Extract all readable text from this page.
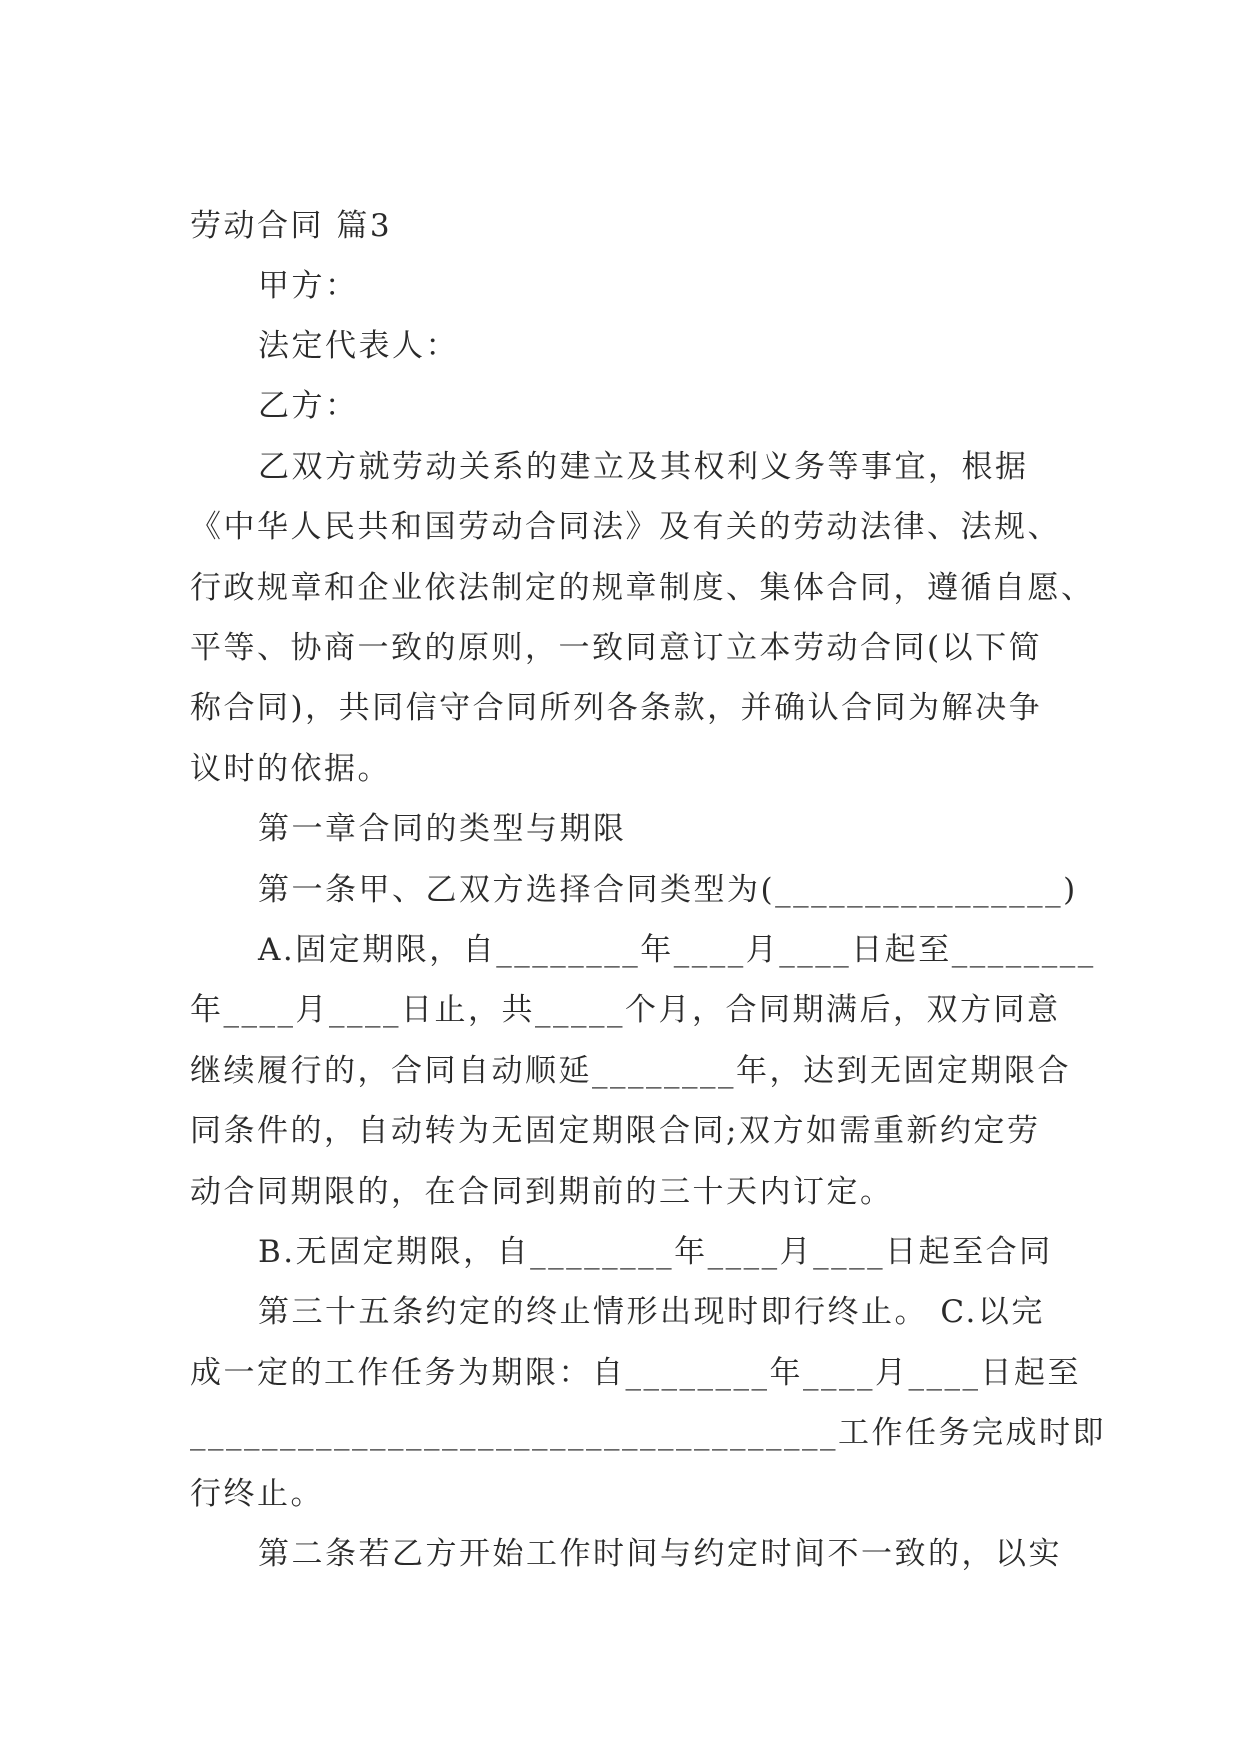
劳动合同 篇3
甲方：
法定代表人：
乙方：
乙双方就劳动关系的建立及其权利义务等事宜，根据
《中华人民共和国劳动合同法》及有关的劳动法律、法规、
行政规章和企业依法制定的规章制度、集体合同，遵循自愿、
平等、协商一致的原则，一致同意订立本劳动合同(以下简
称合同)，共同信守合同所列各条款，并确认合同为解决争
议时的依据。
第一章合同的类型与期限
第一条甲、乙双方选择合同类型为(________________)
A.固定期限，自________年____月____日起至________
年____月____日止，共_____个月，合同期满后，双方同意
继续履行的，合同自动顺延________年，达到无固定期限合
同条件的，自动转为无固定期限合同;双方如需重新约定劳
动合同期限的，在合同到期前的三十天内订定。
B.无固定期限，自________年____月____日起至合同
第三十五条约定的终止情形出现时即行终止。 C.以完
成一定的工作任务为期限：自________年____月____日起至
____________________________________工作任务完成时即
行终止。
第二条若乙方开始工作时间与约定时间不一致的，以实
